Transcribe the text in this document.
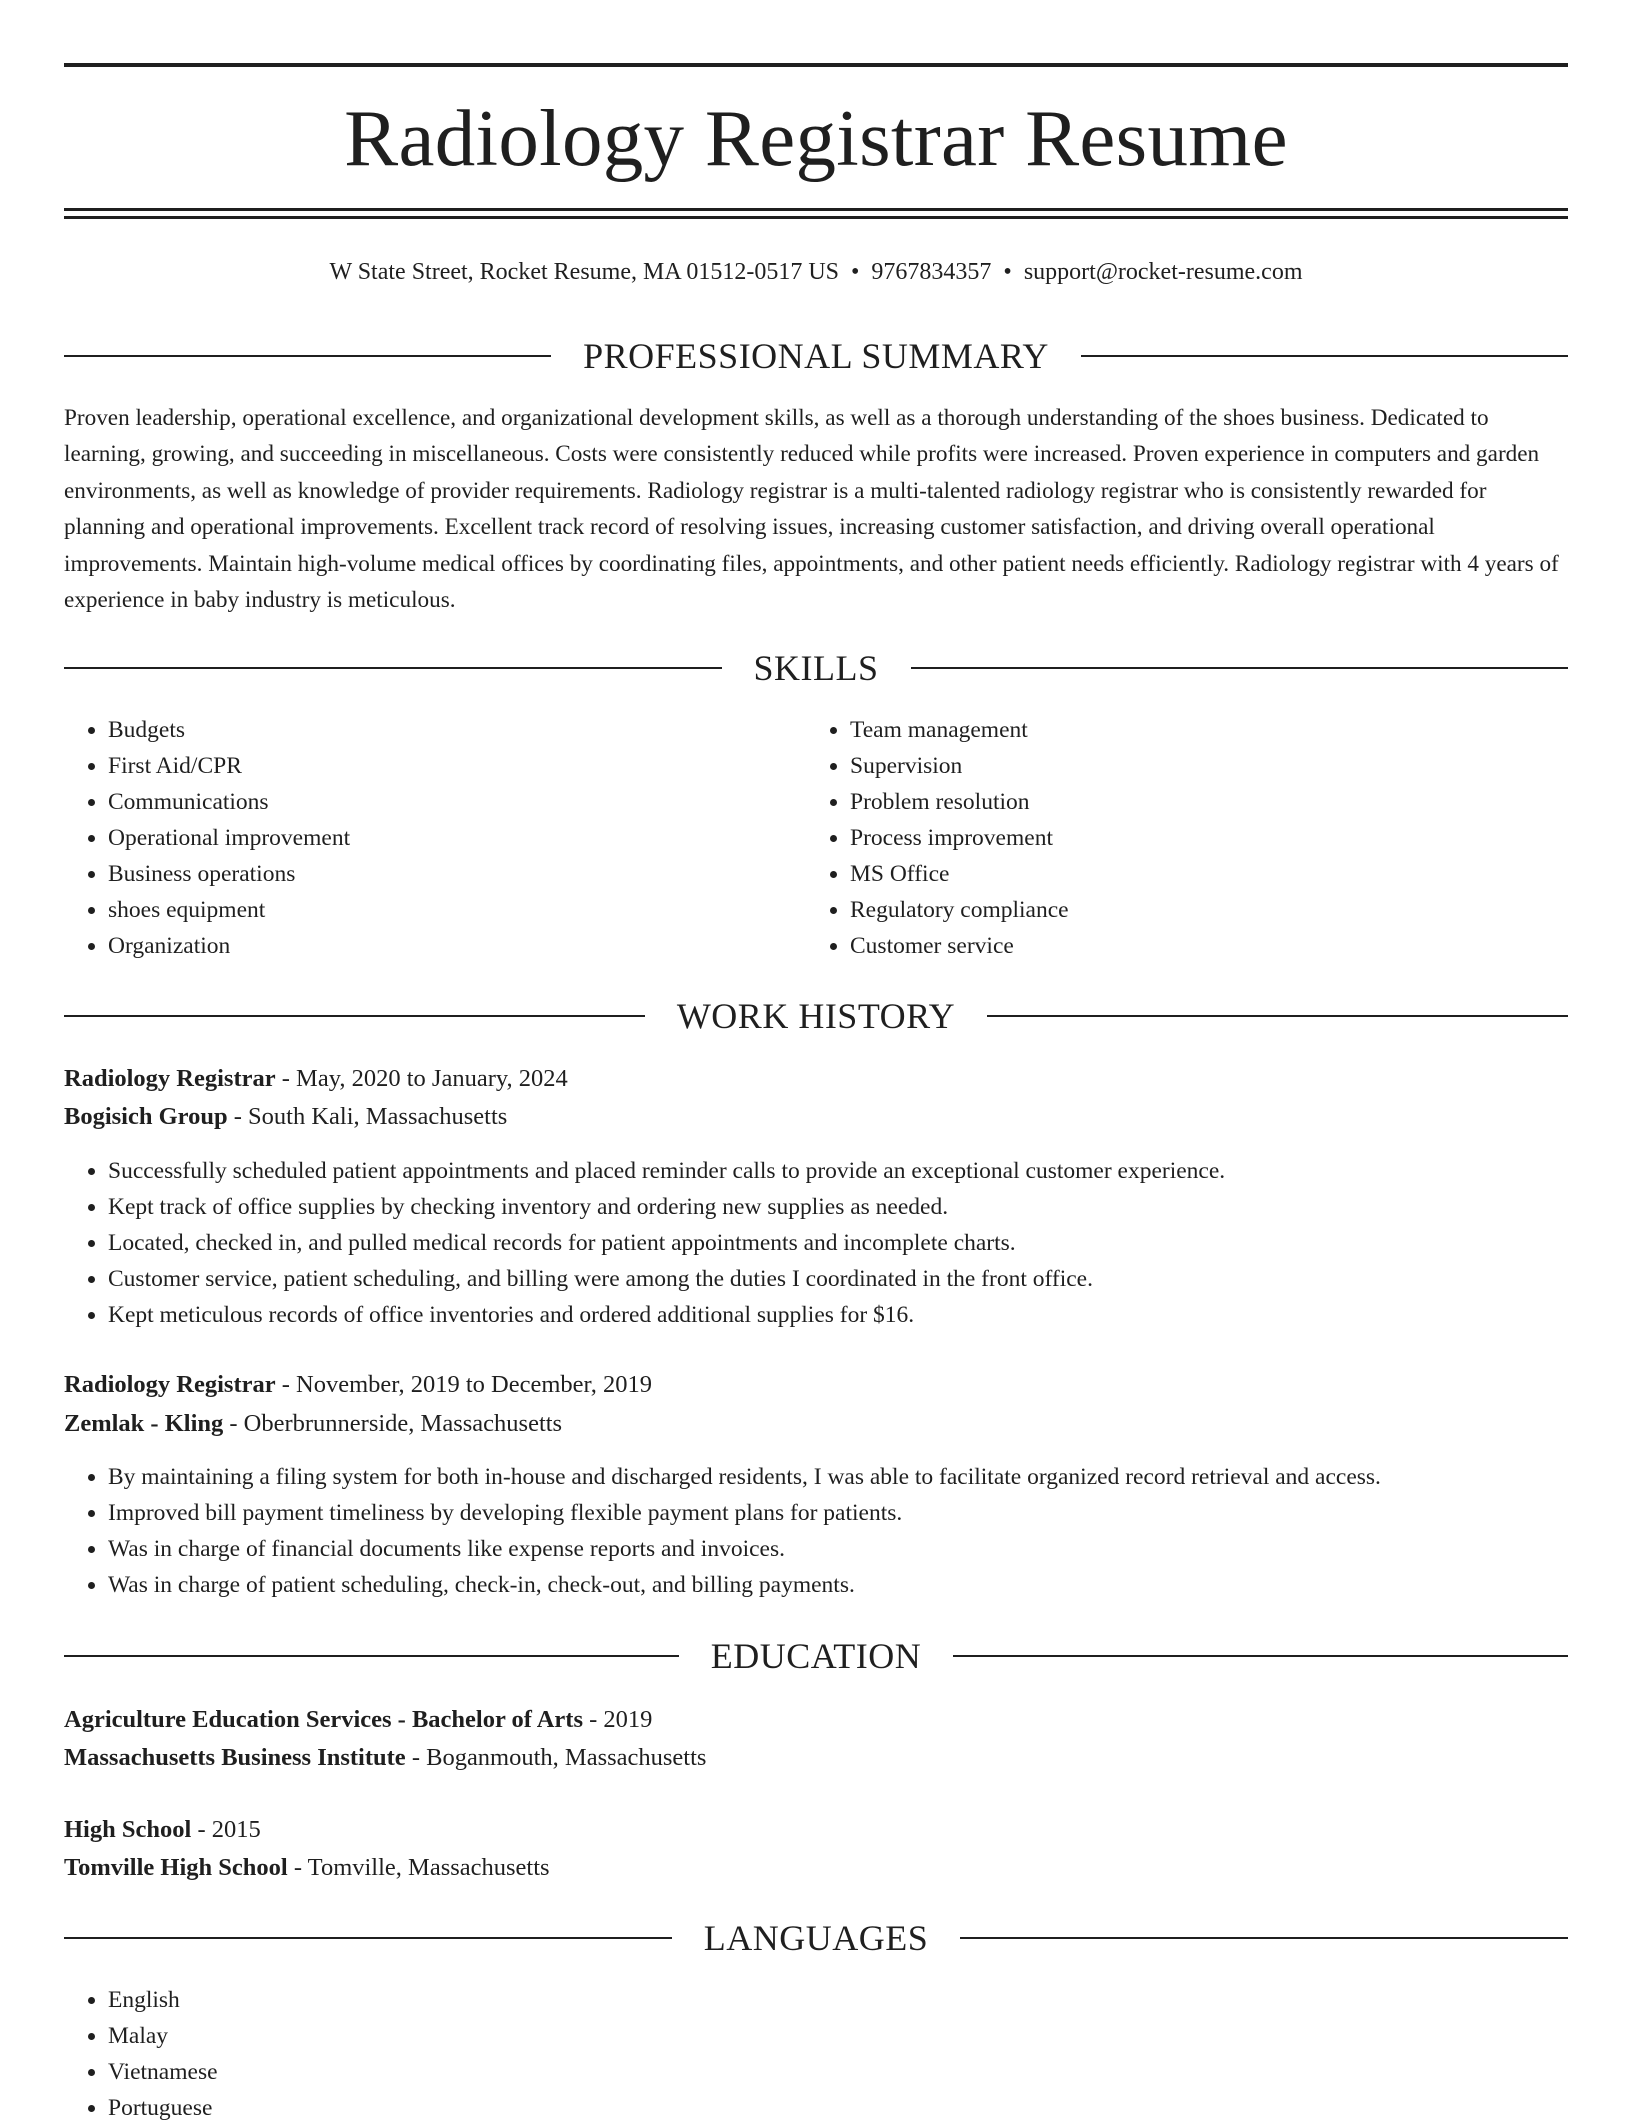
Radiology Registrar Resume
W State Street, Rocket Resume, MA 01512-0517 US • 9767834357 • support@rocket-resume.com
PROFESSIONAL SUMMARY

Proven leadership, operational excellence, and organizational development skills, as well as a thorough understanding of the shoes business. Dedicated to learning, growing, and succeeding in miscellaneous. Costs were consistently reduced while profits were increased. Proven experience in computers and garden environments, as well as knowledge of provider requirements. Radiology registrar is a multi-talented radiology registrar who is consistently rewarded for planning and operational improvements. Excellent track record of resolving issues, increasing customer satisfaction, and driving overall operational improvements. Maintain high-volume medical offices by coordinating files, appointments, and other patient needs efficiently. Radiology registrar with 4 years of experience in baby industry is meticulous.

SKILLS
• Budgets
• First Aid/CPR
• Communications
• Operational improvement
• Business operations
• shoes equipment
• Organization
• Team management
• Supervision
• Problem resolution
• Process improvement
• MS Office
• Regulatory compliance
• Customer service
WORK HISTORY
Radiology Registrar - May, 2020 to January, 2024
Bogisich Group - South Kali, Massachusetts
• Successfully scheduled patient appointments and placed reminder calls to provide an exceptional customer experience.
• Kept track of office supplies by checking inventory and ordering new supplies as needed.
• Located, checked in, and pulled medical records for patient appointments and incomplete charts.
• Customer service, patient scheduling, and billing were among the duties I coordinated in the front office.
• Kept meticulous records of office inventories and ordered additional supplies for $16.
Radiology Registrar - November, 2019 to December, 2019
Zemlak - Kling - Oberbrunnerside, Massachusetts
• By maintaining a filing system for both in-house and discharged residents, I was able to facilitate organized record retrieval and access.
• Improved bill payment timeliness by developing flexible payment plans for patients.
• Was in charge of financial documents like expense reports and invoices.
• Was in charge of patient scheduling, check-in, check-out, and billing payments.
EDUCATION
Agriculture Education Services - Bachelor of Arts - 2019
Massachusetts Business Institute - Boganmouth, Massachusetts
High School - 2015
Tomville High School - Tomville, Massachusetts
LANGUAGES
• English
• Malay
• Vietnamese
• Portuguese
